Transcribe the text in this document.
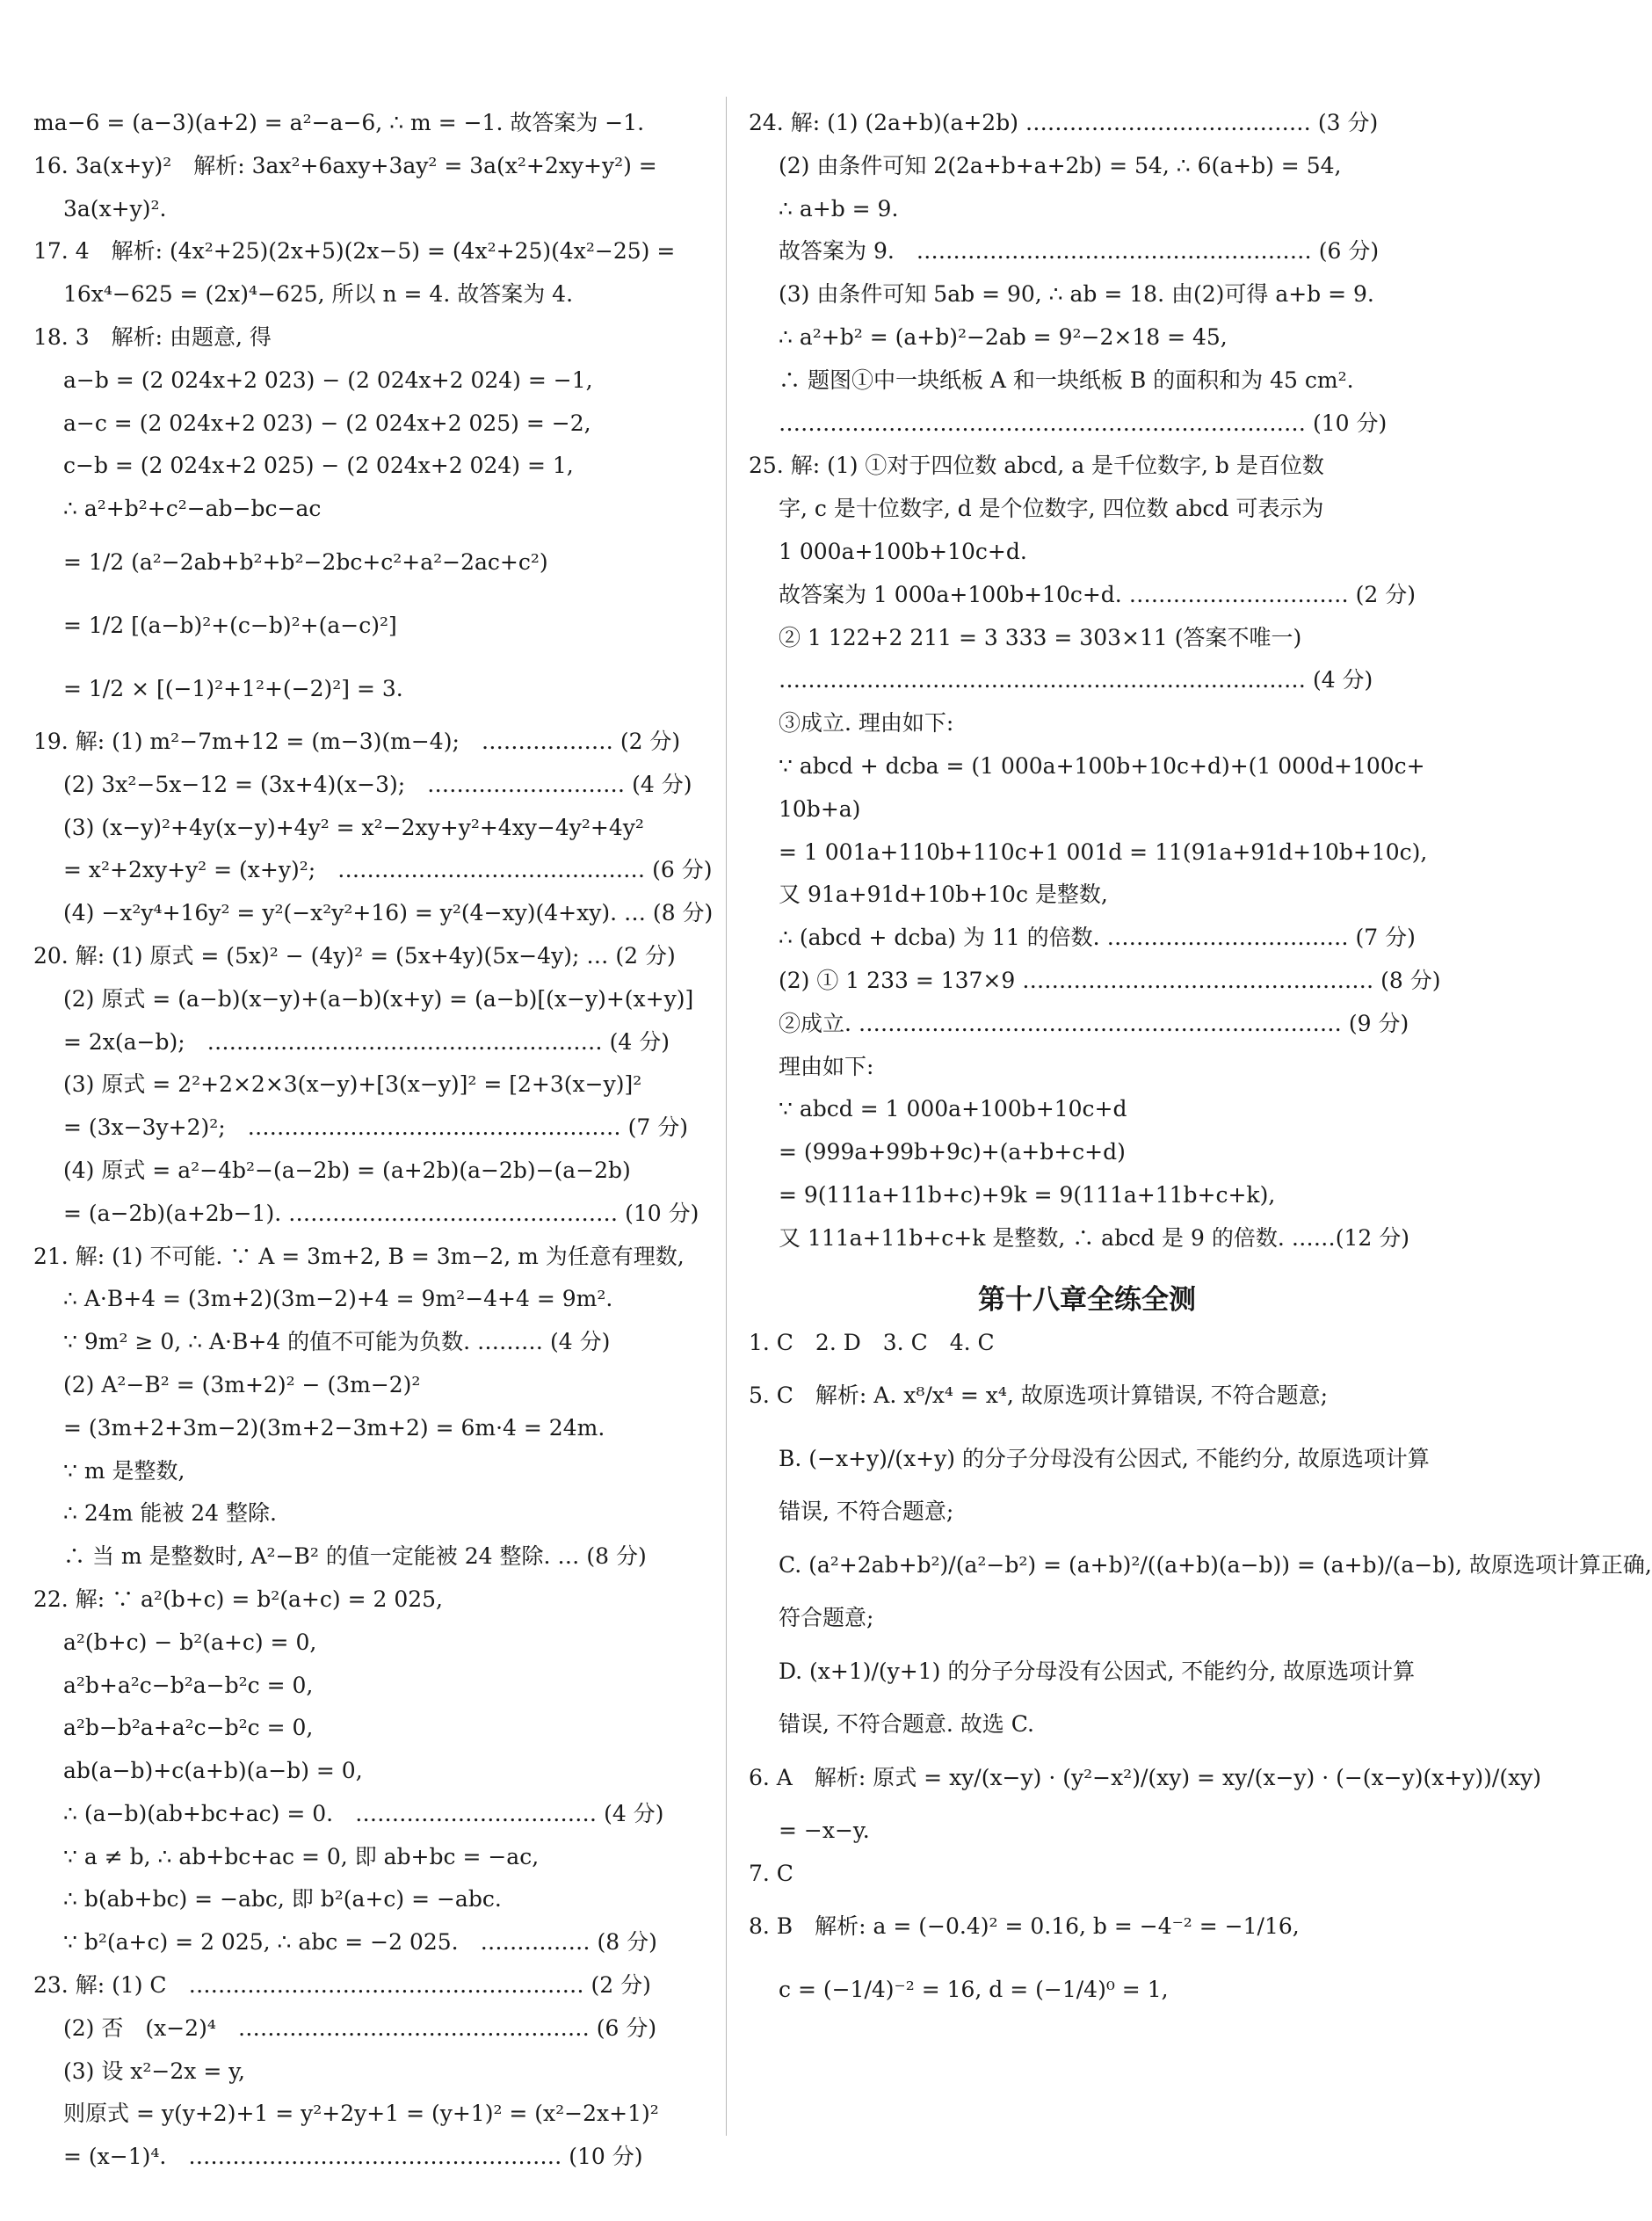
ma−6 = (a−3)(a+2) = a²−a−6, ∴ m = −1. 故答案为 −1.
16. 3a(x+y)²　解析: 3ax²+6axy+3ay² = 3a(x²+2xy+y²) =
3a(x+y)².
17. 4　解析: (4x²+25)(2x+5)(2x−5) = (4x²+25)(4x²−25) =
16x⁴−625 = (2x)⁴−625, 所以 n = 4. 故答案为 4.
18. 3　解析: 由题意, 得
a−b = (2 024x+2 023) − (2 024x+2 024) = −1,
a−c = (2 024x+2 023) − (2 024x+2 025) = −2,
c−b = (2 024x+2 025) − (2 024x+2 024) = 1,
∴ a²+b²+c²−ab−bc−ac
= 1/2 (a²−2ab+b²+b²−2bc+c²+a²−2ac+c²)
= 1/2 [(a−b)²+(c−b)²+(a−c)²]
= 1/2 × [(−1)²+1²+(−2)²] = 3.
19. 解: (1) m²−7m+12 = (m−3)(m−4);　……………… (2 分)
(2) 3x²−5x−12 = (3x+4)(x−3);　……………………… (4 分)
(3) (x−y)²+4y(x−y)+4y² = x²−2xy+y²+4xy−4y²+4y²
= x²+2xy+y² = (x+y)²;　…………………………………… (6 分)
(4) −x²y⁴+16y² = y²(−x²y²+16) = y²(4−xy)(4+xy). … (8 分)
20. 解: (1) 原式 = (5x)² − (4y)² = (5x+4y)(5x−4y); … (2 分)
(2) 原式 = (a−b)(x−y)+(a−b)(x+y) = (a−b)[(x−y)+(x+y)]
= 2x(a−b);　……………………………………………… (4 分)
(3) 原式 = 2²+2×2×3(x−y)+[3(x−y)]² = [2+3(x−y)]²
= (3x−3y+2)²;　…………………………………………… (7 分)
(4) 原式 = a²−4b²−(a−2b) = (a+2b)(a−2b)−(a−2b)
= (a−2b)(a+2b−1). ……………………………………… (10 分)
21. 解: (1) 不可能. ∵ A = 3m+2, B = 3m−2, m 为任意有理数,
∴ A·B+4 = (3m+2)(3m−2)+4 = 9m²−4+4 = 9m².
∵ 9m² ≥ 0, ∴ A·B+4 的值不可能为负数. ……… (4 分)
(2) A²−B² = (3m+2)² − (3m−2)²
= (3m+2+3m−2)(3m+2−3m+2) = 6m·4 = 24m.
∵ m 是整数,
∴ 24m 能被 24 整除.
∴ 当 m 是整数时, A²−B² 的值一定能被 24 整除. … (8 分)
22. 解: ∵ a²(b+c) = b²(a+c) = 2 025,
a²(b+c) − b²(a+c) = 0,
a²b+a²c−b²a−b²c = 0,
a²b−b²a+a²c−b²c = 0,
ab(a−b)+c(a+b)(a−b) = 0,
∴ (a−b)(ab+bc+ac) = 0.　…………………………… (4 分)
∵ a ≠ b, ∴ ab+bc+ac = 0, 即 ab+bc = −ac,
∴ b(ab+bc) = −abc, 即 b²(a+c) = −abc.
∵ b²(a+c) = 2 025, ∴ abc = −2 025.　…………… (8 分)
23. 解: (1) C　……………………………………………… (2 分)
(2) 否　(x−2)⁴　………………………………………… (6 分)
(3) 设 x²−2x = y,
则原式 = y(y+2)+1 = y²+2y+1 = (y+1)² = (x²−2x+1)²
= (x−1)⁴.　…………………………………………… (10 分)
24. 解: (1) (2a+b)(a+2b) ………………………………… (3 分)
(2) 由条件可知 2(2a+b+a+2b) = 54, ∴ 6(a+b) = 54,
∴ a+b = 9.
故答案为 9.　……………………………………………… (6 分)
(3) 由条件可知 5ab = 90, ∴ ab = 18. 由(2)可得 a+b = 9.
∴ a²+b² = (a+b)²−2ab = 9²−2×18 = 45,
∴ 题图①中一块纸板 A 和一块纸板 B 的面积和为 45 cm².
……………………………………………………………… (10 分)
25. 解: (1) ①对于四位数 abcd, a 是千位数字, b 是百位数
字, c 是十位数字, d 是个位数字, 四位数 abcd 可表示为
1 000a+100b+10c+d.
故答案为 1 000a+100b+10c+d. ………………………… (2 分)
② 1 122+2 211 = 3 333 = 303×11 (答案不唯一)
……………………………………………………………… (4 分)
③成立. 理由如下:
∵ abcd + dcba = (1 000a+100b+10c+d)+(1 000d+100c+
10b+a)
= 1 001a+110b+110c+1 001d = 11(91a+91d+10b+10c),
又 91a+91d+10b+10c 是整数,
∴ (abcd + dcba) 为 11 的倍数. …………………………… (7 分)
(2) ① 1 233 = 137×9 ………………………………………… (8 分)
②成立. ………………………………………………………… (9 分)
理由如下:
∵ abcd = 1 000a+100b+10c+d
= (999a+99b+9c)+(a+b+c+d)
= 9(111a+11b+c)+9k = 9(111a+11b+c+k),
又 111a+11b+c+k 是整数, ∴ abcd 是 9 的倍数. ……(12 分)
第十八章全练全测
1. C　2. D　3. C　4. C
5. C　解析: A. x⁸/x⁴ = x⁴, 故原选项计算错误, 不符合题意;
B. (−x+y)/(x+y) 的分子分母没有公因式, 不能约分, 故原选项计算
错误, 不符合题意;
C. (a²+2ab+b²)/(a²−b²) = (a+b)²/((a+b)(a−b)) = (a+b)/(a−b), 故原选项计算正确,
符合题意;
D. (x+1)/(y+1) 的分子分母没有公因式, 不能约分, 故原选项计算
错误, 不符合题意. 故选 C.
6. A　解析: 原式 = xy/(x−y) · (y²−x²)/(xy) = xy/(x−y) · (−(x−y)(x+y))/(xy)
= −x−y.
7. C
8. B　解析: a = (−0.4)² = 0.16, b = −4⁻² = −1/16,
c = (−1/4)⁻² = 16, d = (−1/4)⁰ = 1,
